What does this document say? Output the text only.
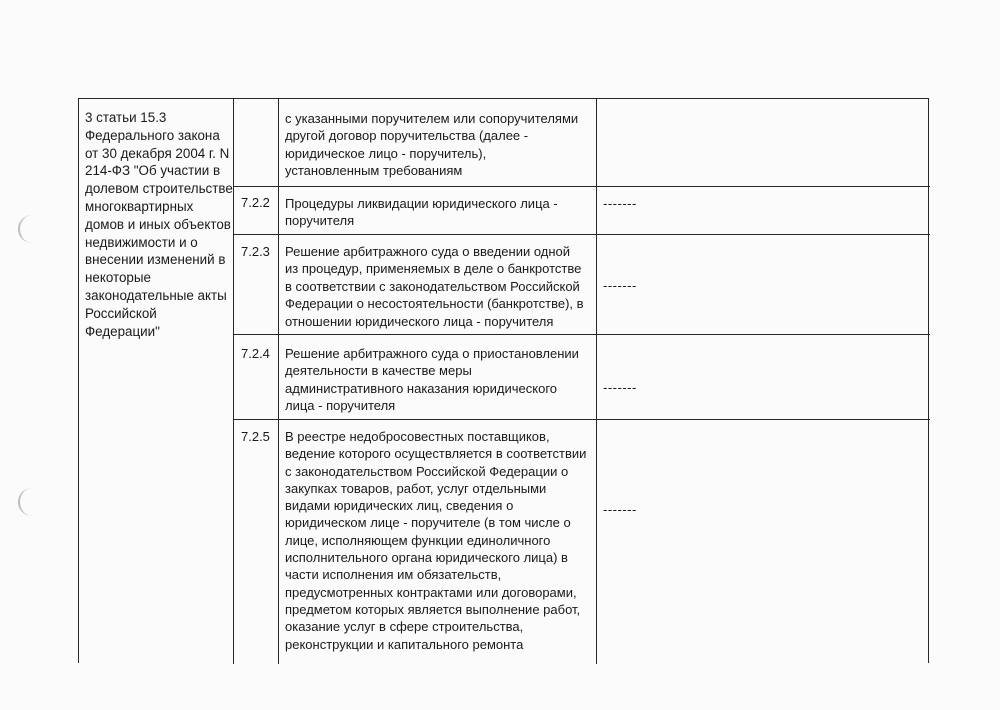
3 статьи 15.3
Федерального закона
от 30 декабря 2004 г. N
214-ФЗ "Об участии в
долевом строительстве
многоквартирных
домов и иных объектов
недвижимости и о
внесении изменений в
некоторые
законодательные акты
Российской
Федерации"
с указанными поручителем или сопоручителями
другой договор поручительства (далее -
юридическое лицо - поручитель),
установленным требованиям
7.2.2 Процедуры ликвидации юридического лица -
поручителя
-------
7.2.3 Решение арбитражного суда о введении одной
из процедур, применяемых в деле о банкротстве
в соответствии с законодательством Российской
Федерации о несостоятельности (банкротстве), в
отношении юридического лица - поручителя
-------
7.2.4 Решение арбитражного суда о приостановлении
деятельности в качестве меры
административного наказания юридического
лица - поручителя
-------
7.2.5 В реестре недобросовестных поставщиков,
ведение которого осуществляется в соответствии
с законодательством Российской Федерации о
закупках товаров, работ, услуг отдельными
видами юридических лиц, сведения о
юридическом лице - поручителе (в том числе о
лице, исполняющем функции единоличного
исполнительного органа юридического лица) в
части исполнения им обязательств,
предусмотренных контрактами или договорами,
предметом которых является выполнение работ,
оказание услуг в сфере строительства,
реконструкции и капитального ремонта
-------
